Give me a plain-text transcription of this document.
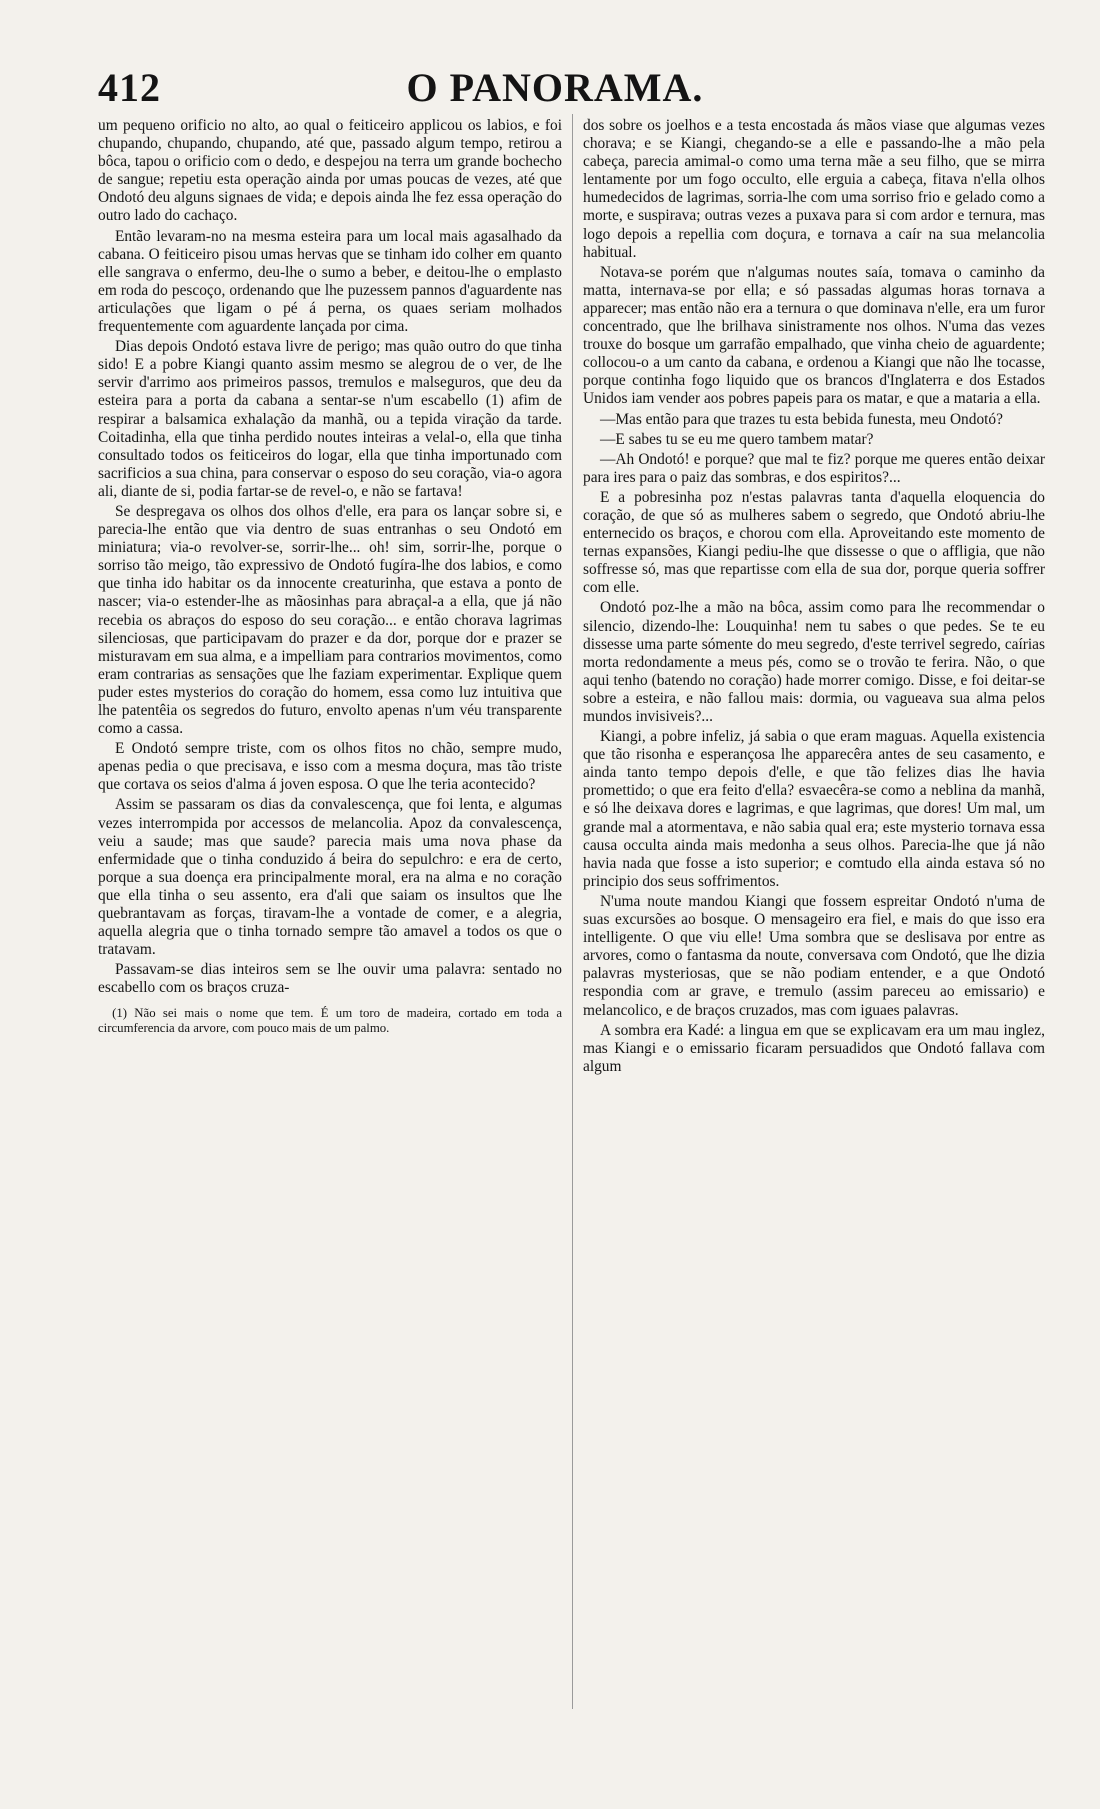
412	O PANORAMA.

um pequeno orificio no alto, ao qual o feiticeiro applicou os labios, e foi chupando, chupando, chupando, até que, passado algum tempo, retirou a bôca, tapou o orificio com o dedo, e despejou na terra um grande bochecho de sangue; repetiu esta operação ainda por umas poucas de vezes, até que Ondotó deu alguns signaes de vida; e depois ainda lhe fez essa operação do outro lado do cachaço.

Então levaram-no na mesma esteira para um local mais agasalhado da cabana. O feiticeiro pisou umas hervas que se tinham ido colher em quanto elle sangrava o enfermo, deu-lhe o sumo a beber, e deitou-lhe o emplasto em roda do pescoço, ordenando que lhe puzessem pannos d'aguardente nas articulações que ligam o pé á perna, os quaes seriam molhados frequentemente com aguardente lançada por cima.

Dias depois Ondotó estava livre de perigo; mas quão outro do que tinha sido! E a pobre Kiangi quanto assim mesmo se alegrou de o ver, de lhe servir d'arrimo aos primeiros passos, tremulos e malseguros, que deu da esteira para a porta da cabana a sentar-se n'um escabello (1) afim de respirar a balsamica exhalação da manhã, ou a tepida viração da tarde. Coitadinha, ella que tinha perdido noutes inteiras a velal-o, ella que tinha consultado todos os feiticeiros do logar, ella que tinha importunado com sacrificios a sua china, para conservar o esposo do seu coração, via-o agora ali, diante de si, podia fartar-se de revel-o, e não se fartava!

Se despregava os olhos dos olhos d'elle, era para os lançar sobre si, e parecia-lhe então que via dentro de suas entranhas o seu Ondotó em miniatura; via-o revolver-se, sorrir-lhe... oh! sim, sorrir-lhe, porque o sorriso tão meigo, tão expressivo de Ondotó fugíra-lhe dos labios, e como que tinha ido habitar os da innocente creaturinha, que estava a ponto de nascer; via-o estender-lhe as mãosinhas para abraçal-a a ella, que já não recebia os abraços do esposo do seu coração... e então chorava lagrimas silenciosas, que participavam do prazer e da dor, porque dor e prazer se misturavam em sua alma, e a impelliam para contrarios movimentos, como eram contrarias as sensações que lhe faziam experimentar. Explique quem puder estes mysterios do coração do homem, essa como luz intuitiva que lhe patentêia os segredos do futuro, envolto apenas n'um véu transparente como a cassa.

E Ondotó sempre triste, com os olhos fitos no chão, sempre mudo, apenas pedia o que precisava, e isso com a mesma doçura, mas tão triste que cortava os seios d'alma á joven esposa. O que lhe teria acontecido?

Assim se passaram os dias da convalescença, que foi lenta, e algumas vezes interrompida por accessos de melancolia. Apoz da convalescença, veiu a saude; mas que saude? parecia mais uma nova phase da enfermidade que o tinha conduzido á beira do sepulchro: e era de certo, porque a sua doença era principalmente moral, era na alma e no coração que ella tinha o seu assento, era d'ali que saiam os insultos que lhe quebrantavam as forças, tiravam-lhe a vontade de comer, e a alegria, aquella alegria que o tinha tornado sempre tão amavel a todos os que o tratavam.

Passavam-se dias inteiros sem se lhe ouvir uma palavra: sentado no escabello com os braços cruza-

(1) Não sei mais o nome que tem. É um toro de madeira, cortado em toda a circumferencia da arvore, com pouco mais de um palmo.

dos sobre os joelhos e a testa encostada ás mãos viase que algumas vezes chorava; e se Kiangi, chegando-se a elle e passando-lhe a mão pela cabeça, parecia amimal-o como uma terna mãe a seu filho, que se mirra lentamente por um fogo occulto, elle erguia a cabeça, fitava n'ella olhos humedecidos de lagrimas, sorria-lhe com uma sorriso frio e gelado como a morte, e suspirava; outras vezes a puxava para si com ardor e ternura, mas logo depois a repellia com doçura, e tornava a caír na sua melancolia habitual.

Notava-se porém que n'algumas noutes saía, tomava o caminho da matta, internava-se por ella; e só passadas algumas horas tornava a apparecer; mas então não era a ternura o que dominava n'elle, era um furor concentrado, que lhe brilhava sinistramente nos olhos. N'uma das vezes trouxe do bosque um garrafão empalhado, que vinha cheio de aguardente; collocou-o a um canto da cabana, e ordenou a Kiangi que não lhe tocasse, porque continha fogo liquido que os brancos d'Inglaterra e dos Estados Unidos iam vender aos pobres papeis para os matar, e que a mataria a ella.

—Mas então para que trazes tu esta bebida funesta, meu Ondotó?

—E sabes tu se eu me quero tambem matar?

—Ah Ondotó! e porque? que mal te fiz? porque me queres então deixar para ires para o paiz das sombras, e dos espiritos?...

E a pobresinha poz n'estas palavras tanta d'aquella eloquencia do coração, de que só as mulheres sabem o segredo, que Ondotó abriu-lhe enternecido os braços, e chorou com ella. Aproveitando este momento de ternas expansões, Kiangi pediu-lhe que dissesse o que o affligia, que não soffresse só, mas que repartisse com ella de sua dor, porque queria soffrer com elle.

Ondotó poz-lhe a mão na bôca, assim como para lhe recommendar o silencio, dizendo-lhe: Louquinha! nem tu sabes o que pedes. Se te eu dissesse uma parte sómente do meu segredo, d'este terrivel segredo, caírias morta redondamente a meus pés, como se o trovão te ferira. Não, o que aqui tenho (batendo no coração) hade morrer comigo. Disse, e foi deitar-se sobre a esteira, e não fallou mais: dormia, ou vagueava sua alma pelos mundos invisiveis?...

Kiangi, a pobre infeliz, já sabia o que eram maguas. Aquella existencia que tão risonha e esperançosa lhe apparecêra antes de seu casamento, e ainda tanto tempo depois d'elle, e que tão felizes dias lhe havia promettido; o que era feito d'ella? esvaecêra-se como a neblina da manhã, e só lhe deixava dores e lagrimas, e que lagrimas, que dores! Um mal, um grande mal a atormentava, e não sabia qual era; este mysterio tornava essa causa occulta ainda mais medonha a seus olhos. Parecia-lhe que já não havia nada que fosse a isto superior; e comtudo ella ainda estava só no principio dos seus soffrimentos.

N'uma noute mandou Kiangi que fossem espreitar Ondotó n'uma de suas excursões ao bosque. O mensageiro era fiel, e mais do que isso era intelligente. O que viu elle! Uma sombra que se deslisava por entre as arvores, como o fantasma da noute, conversava com Ondotó, que lhe dizia palavras mysteriosas, que se não podiam entender, e a que Ondotó respondia com ar grave, e tremulo (assim pareceu ao emissario) e melancolico, e de braços cruzados, mas com iguaes palavras.

A sombra era Kadé: a lingua em que se explicavam era um mau inglez, mas Kiangi e o emissario ficaram persuadidos que Ondotó fallava com algum
